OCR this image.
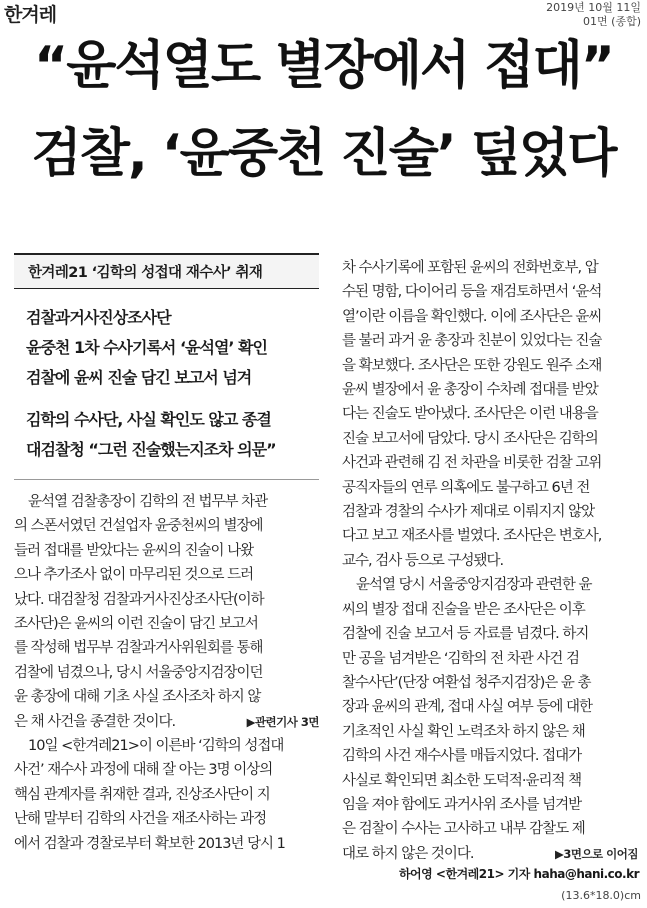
한겨레	2019년 10월 11일
01면 (종합)
“윤석열도 별장에서 접대”
검찰, ‘윤중천 진술’ 덮었다
한겨레21 ‘김학의 성접대 재수사’ 취재
검찰과거사진상조사단
윤중천 1차 수사기록서 ‘윤석열’ 확인
검찰에 윤씨 진술 담긴 보고서 넘겨
김학의 수사단, 사실 확인도 않고 종결
대검찰청 “그런 진술했는지조차 의문”
윤석열 검찰총장이 김학의 전 법무부 차관
의 스폰서였던 건설업자 윤중천씨의 별장에
들러 접대를 받았다는 윤씨의 진술이 나왔
으나 추가조사 없이 마무리된 것으로 드러
났다. 대검찰청 검찰과거사진상조사단(이하
조사단)은 윤씨의 이런 진술이 담긴 보고서
를 작성해 법무부 검찰과거사위원회를 통해
검찰에 넘겼으나, 당시 서울중앙지검장이던
윤 총장에 대해 기초 사실 조사조차 하지 않
은 채 사건을 종결한 것이다.	▶관련기사 3면
10일 <한겨레21>이 이른바 ‘김학의 성접대
사건’ 재수사 과정에 대해 잘 아는 3명 이상의
핵심 관계자를 취재한 결과, 진상조사단이 지
난해 말부터 김학의 사건을 재조사하는 과정
에서 검찰과 경찰로부터 확보한 2013년 당시 1
차 수사기록에 포함된 윤씨의 전화번호부, 압
수된 명함, 다이어리 등을 재검토하면서 ‘윤석
열’이란 이름을 확인했다. 이에 조사단은 윤씨
를 불러 과거 윤 총장과 친분이 있었다는 진술
을 확보했다. 조사단은 또한 강원도 원주 소재
윤씨 별장에서 윤 총장이 수차례 접대를 받았
다는 진술도 받아냈다. 조사단은 이런 내용을
진술 보고서에 담았다. 당시 조사단은 김학의
사건과 관련해 김 전 차관을 비롯한 검찰 고위
공직자들의 연루 의혹에도 불구하고 6년 전
검찰과 경찰의 수사가 제대로 이뤄지지 않았
다고 보고 재조사를 벌였다. 조사단은 변호사,
교수, 검사 등으로 구성됐다.
윤석열 당시 서울중앙지검장과 관련한 윤
씨의 별장 접대 진술을 받은 조사단은 이후
검찰에 진술 보고서 등 자료를 넘겼다. 하지
만 공을 넘겨받은 ‘김학의 전 차관 사건 검
찰수사단’(단장 여환섭 청주지검장)은 윤 총
장과 윤씨의 관계, 접대 사실 여부 등에 대한
기초적인 사실 확인 노력조차 하지 않은 채
김학의 사건 재수사를 매듭지었다. 접대가
사실로 확인되면 최소한 도덕적·윤리적 책
임을 져야 함에도 과거사위 조사를 넘겨받
은 검찰이 수사는 고사하고 내부 감찰도 제
대로 하지 않은 것이다.	▶3면으로 이어짐
하어영 <한겨레21> 기자 haha@hani.co.kr
(13.6*18.0)cm
